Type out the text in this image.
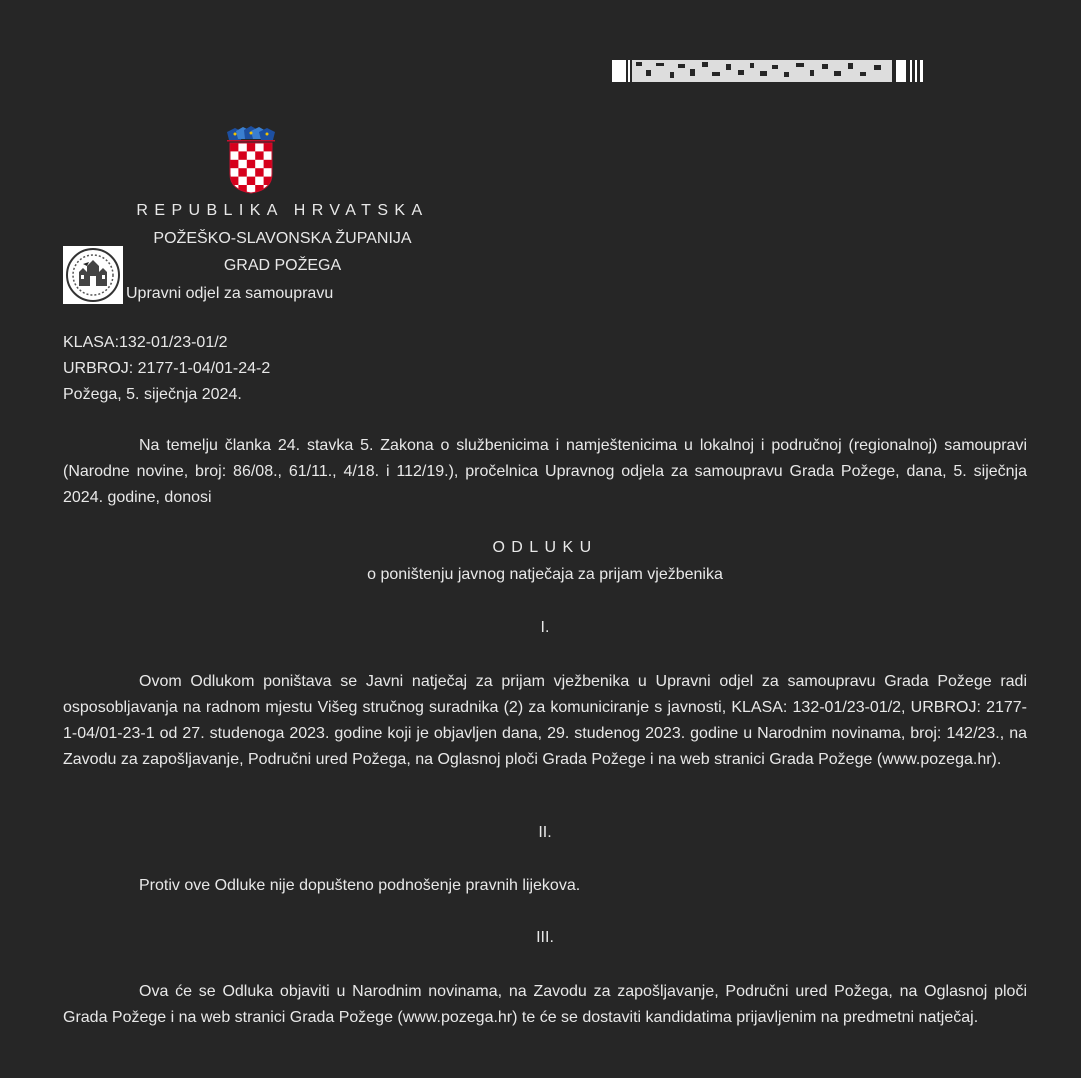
REPUBLIKA HRVATSKA
POŽEŠKO-SLAVONSKA ŽUPANIJA
GRAD POŽEGA
Upravni odjel za samoupravu
KLASA:132-01/23-01/2
URBROJ: 2177-1-04/01-24-2
Požega, 5. siječnja 2024.
Na temelju članka 24. stavka 5. Zakona o službenicima i namještenicima u lokalnoj i područnoj (regionalnoj) samoupravi (Narodne novine, broj: 86/08., 61/11., 4/18. i 112/19.), pročelnica Upravnog odjela za samoupravu Grada Požege, dana, 5. siječnja 2024. godine, donosi
ODLUKU
o poništenju javnog natječaja za prijam vježbenika
I.
Ovom Odlukom poništava se Javni natječaj za prijam vježbenika u Upravni odjel za samoupravu Grada Požege radi osposobljavanja na radnom mjestu Višeg stručnog suradnika (2) za komuniciranje s javnosti, KLASA: 132-01/23-01/2, URBROJ: 2177-1-04/01-23-1 od 27. studenoga 2023. godine koji je objavljen dana, 29. studenog 2023. godine u Narodnim novinama, broj: 142/23., na Zavodu za zapošljavanje, Područni ured Požega, na Oglasnoj ploči Grada Požege i na web stranici Grada Požege (www.pozega.hr).
II.
Protiv ove Odluke nije dopušteno podnošenje pravnih lijekova.
III.
Ova će se Odluka objaviti u Narodnim novinama, na Zavodu za zapošljavanje, Područni ured Požega, na Oglasnoj ploči Grada Požege i na web stranici Grada Požege (www.pozega.hr) te će se dostaviti kandidatima prijavljenim na predmetni natječaj.
